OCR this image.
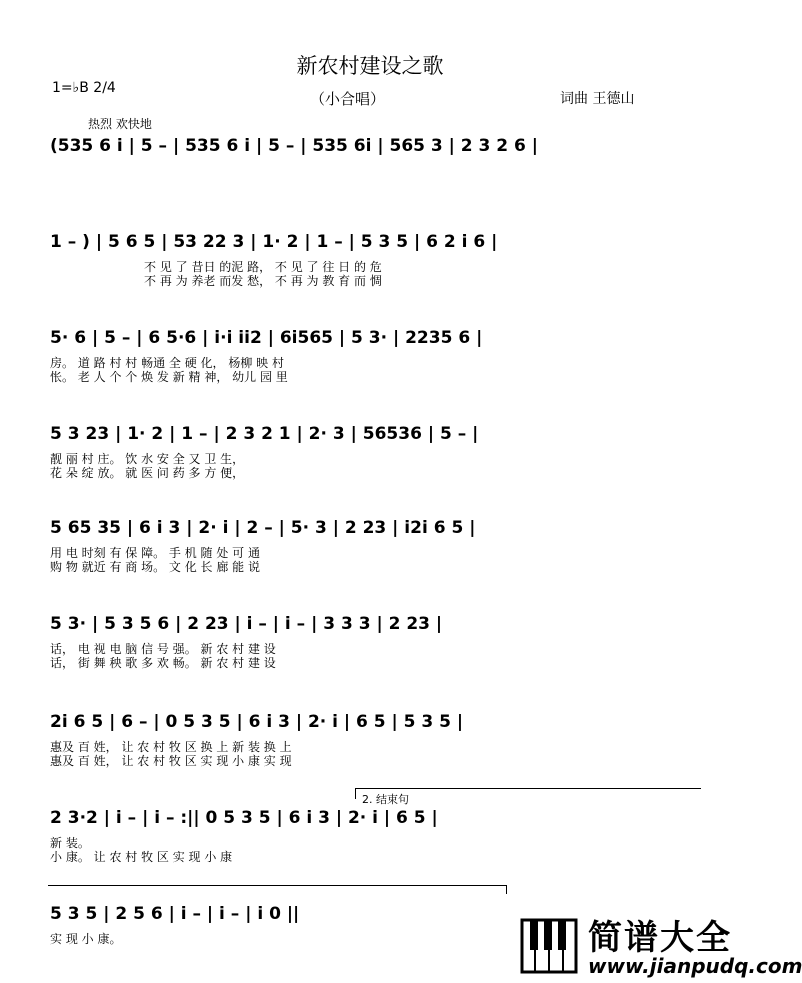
新农村建设之歌
1=♭B 2/4
（小合唱）	词曲 王德山
热烈 欢快地
(535 6 i | 5 – | 535 6 i | 5 – | 535 6i | 565 3 | 2 3 2 6 |
1 – ) | 5 6 5 | 53 22 3 | 1· 2 | 1 – | 5 3 5 | 6 2 i 6 |
不 见 了 昔日 的泥 路， 不 见 了 往 日 的 危
不 再 为 养老 而发 愁， 不 再 为 教 育 而 惆
5· 6 | 5 – | 6 5·6 | i·i ii2 | 6i565 | 5 3· | 2235 6 |
房。 道 路 村 村 畅通 全 硬 化， 杨柳 映 村
怅。 老 人 个 个 焕 发 新 精 神， 幼儿 园 里
5 3 23 | 1· 2 | 1 – | 2 3 2 1 | 2· 3 | 56536 | 5 – |
靓 丽 村 庄。 饮 水 安 全 又 卫 生，
花 朵 绽 放。 就 医 问 药 多 方 便，
5 65 35 | 6 i 3 | 2· i | 2 – | 5· 3 | 2 23 | i2i 6 5 |
用 电 时刻 有 保 障。 手 机 随 处 可 通
购 物 就近 有 商 场。 文 化 长 廊 能 说
5 3· | 5 3 5 6 | 2 23 | i – | i – | 3 3 3 | 2 23 |
话， 电 视 电 脑 信 号 强。 新 农 村 建 设
话， 街 舞 秧 歌 多 欢 畅。 新 农 村 建 设
2i 6 5 | 6 – | 0 5 3 5 | 6 i 3 | 2· i | 6 5 | 5 3 5 |
惠及 百 姓， 让 农 村 牧 区 换 上 新 装 换 上
惠及 百 姓， 让 农 村 牧 区 实 现 小 康 实 现
2. 结束句
2 3·2 | i – | i – :|| 0 5 3 5 | 6 i 3 | 2· i | 6 5 |
新 装。
小 康。 让 农 村 牧 区 实 现 小 康
5 3 5 | 2 5 6 | i – | i – | i 0 ||
实 现 小 康。	简谱大全
www.jianpudq.com
